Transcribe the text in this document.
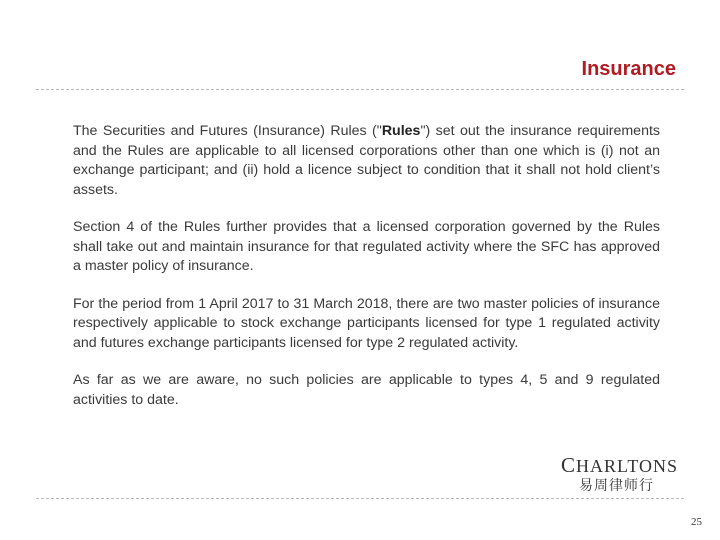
Insurance
The Securities and Futures (Insurance) Rules ("Rules") set out the insurance requirements and the Rules are applicable to all licensed corporations other than one which is (i) not an exchange participant; and (ii) hold a licence subject to condition that it shall not hold client’s assets.
Section 4 of the Rules further provides that a licensed corporation governed by the Rules shall take out and maintain insurance for that regulated activity where the SFC has approved a master policy of insurance.
For the period from 1 April 2017 to 31 March 2018, there are two master policies of insurance respectively applicable to stock exchange participants licensed for type 1 regulated activity and futures exchange participants licensed for type 2 regulated activity.
As far as we are aware, no such policies are applicable to types 4, 5 and 9 regulated activities to date.
CHARLTONS
易周律师行
25
